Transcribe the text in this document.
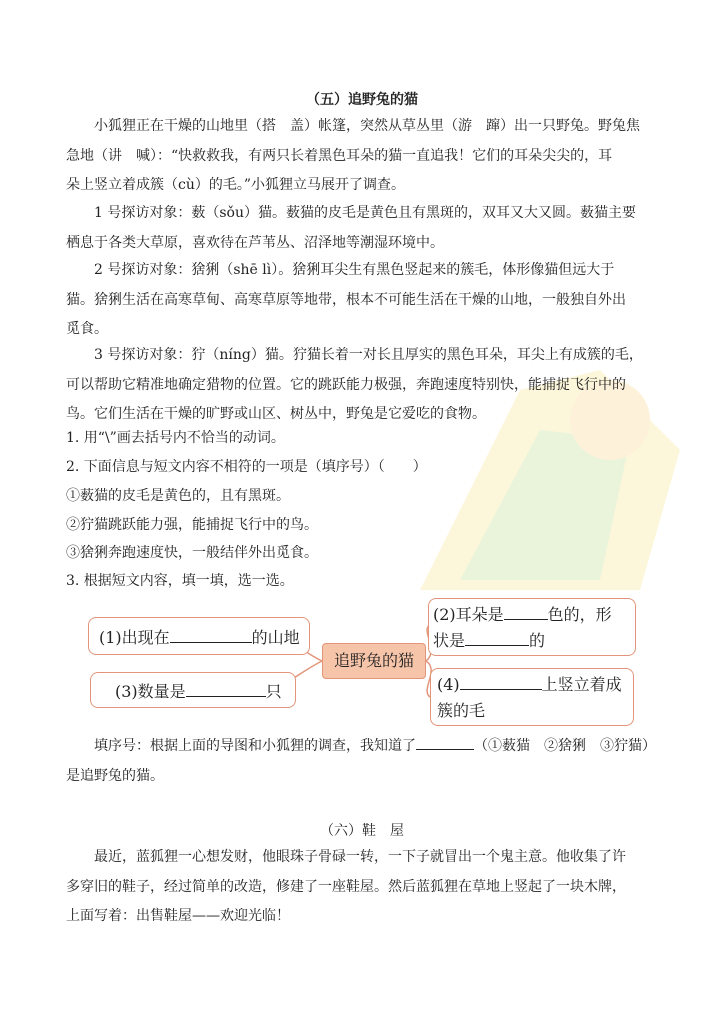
（五）追野兔的猫
小狐狸正在干燥的山地里（搭　盖）帐篷，突然从草丛里（游　蹿）出一只野兔。野兔焦
急地（讲　喊）：“快救救我，有两只长着黑色耳朵的猫一直追我！它们的耳朵尖尖的，耳
朵上竖立着成簇（cù）的毛。”小狐狸立马展开了调查。
1 号探访对象：薮（sǒu）猫。薮猫的皮毛是黄色且有黑斑的，双耳又大又圆。薮猫主要
栖息于各类大草原，喜欢待在芦苇丛、沼泽地等潮湿环境中。
2 号探访对象：猞猁（shē lì）。猞猁耳尖生有黑色竖起来的簇毛，体形像猫但远大于
猫。猞猁生活在高寒草甸、高寒草原等地带，根本不可能生活在干燥的山地，一般独自外出
觅食。
3 号探访对象：狞（níng）猫。狞猫长着一对长且厚实的黑色耳朵，耳尖上有成簇的毛，
可以帮助它精准地确定猎物的位置。它的跳跃能力极强，奔跑速度特别快，能捕捉飞行中的
鸟。它们生活在干燥的旷野或山区、树丛中，野兔是它爱吃的食物。
1. 用“\”画去括号内不恰当的动词。
2. 下面信息与短文内容不相符的一项是（填序号）（　　）
①薮猫的皮毛是黄色的，且有黑斑。
②狞猫跳跃能力强，能捕捉飞行中的鸟。
③猞猁奔跑速度快，一般结伴外出觅食。
3. 根据短文内容，填一填，选一选。
(1)出现在	的山地
(3)数量是	只
追野兔的猫
(2)耳朵是	色的，形
状是	的
(4)	上竖立着成
簇的毛
填序号：根据上面的导图和小狐狸的调查，我知道了	（①薮猫　②猞猁　③狞猫）
是追野兔的猫。
（六）鞋　屋
最近，蓝狐狸一心想发财，他眼珠子骨碌一转，一下子就冒出一个鬼主意。他收集了许
多穿旧的鞋子，经过简单的改造，修建了一座鞋屋。然后蓝狐狸在草地上竖起了一块木牌，
上面写着：出售鞋屋——欢迎光临！
